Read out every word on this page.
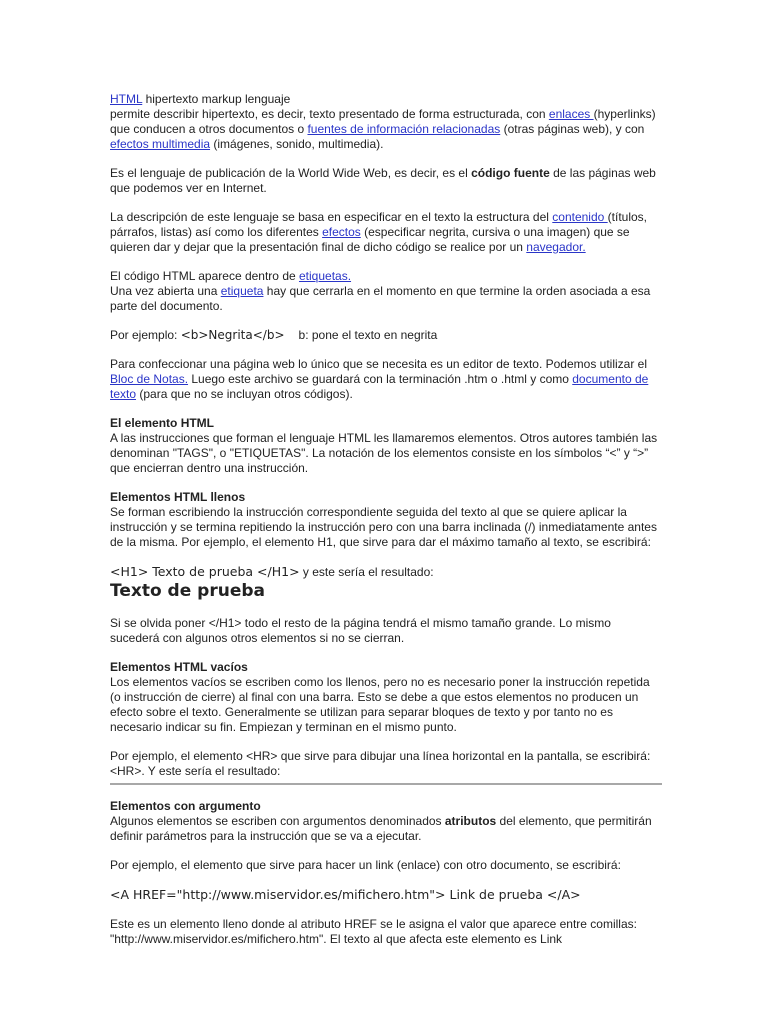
HTML hipertexto markup lenguaje

permite describir hipertexto, es decir, texto presentado de forma estructurada, con enlaces (hyperlinks) que conducen a otros documentos o fuentes de información relacionadas (otras páginas web), y con efectos multimedia (imágenes, sonido, multimedia).

Es el lenguaje de publicación de la World Wide Web, es decir, es el código fuente de las páginas web que podemos ver en Internet.

La descripción de este lenguaje se basa en especificar en el texto la estructura del contenido (títulos, párrafos, listas) así como los diferentes efectos (especificar negrita, cursiva o una imagen) que se quieren dar y dejar que la presentación final de dicho código se realice por un navegador.

El código HTML aparece dentro de etiquetas.

Una vez abierta una etiqueta hay que cerrarla en el momento en que termine la orden asociada a esa parte del documento.

Por ejemplo: <b>Negrita</b> b: pone el texto en negrita

Para confeccionar una página web lo único que se necesita es un editor de texto. Podemos utilizar el Bloc de Notas. Luego este archivo se guardará con la terminación .htm o .html y como documento de texto (para que no se incluyan otros códigos).

El elemento HTML

A las instrucciones que forman el lenguaje HTML les llamaremos elementos. Otros autores también las denominan "TAGS", o "ETIQUETAS". La notación de los elementos consiste en los símbolos “<” y “>” que encierran dentro una instrucción.

Elementos HTML llenos

Se forman escribiendo la instrucción correspondiente seguida del texto al que se quiere aplicar la instrucción y se termina repitiendo la instrucción pero con una barra inclinada (/) inmediatamente antes de la misma. Por ejemplo, el elemento H1, que sirve para dar el máximo tamaño al texto, se escribirá:

<H1> Texto de prueba </H1> y este sería el resultado:

Texto de prueba

Si se olvida poner </H1> todo el resto de la página tendrá el mismo tamaño grande. Lo mismo sucederá con algunos otros elementos si no se cierran.

Elementos HTML vacíos

Los elementos vacíos se escriben como los llenos, pero no es necesario poner la instrucción repetida (o instrucción de cierre) al final con una barra. Esto se debe a que estos elementos no producen un efecto sobre el texto. Generalmente se utilizan para separar bloques de texto y por tanto no es necesario indicar su fin. Empiezan y terminan en el mismo punto.

Por ejemplo, el elemento <HR> que sirve para dibujar una línea horizontal en la pantalla, se escribirá: <HR>. Y este sería el resultado:

Elementos con argumento

Algunos elementos se escriben con argumentos denominados atributos del elemento, que permitirán definir parámetros para la instrucción que se va a ejecutar.

Por ejemplo, el elemento que sirve para hacer un link (enlace) con otro documento, se escribirá:

<A HREF="http://www.miservidor.es/mifichero.htm"> Link de prueba </A>

Este es un elemento lleno donde al atributo HREF se le asigna el valor que aparece entre comillas: "http://www.miservidor.es/mifichero.htm". El texto al que afecta este elemento es Link
